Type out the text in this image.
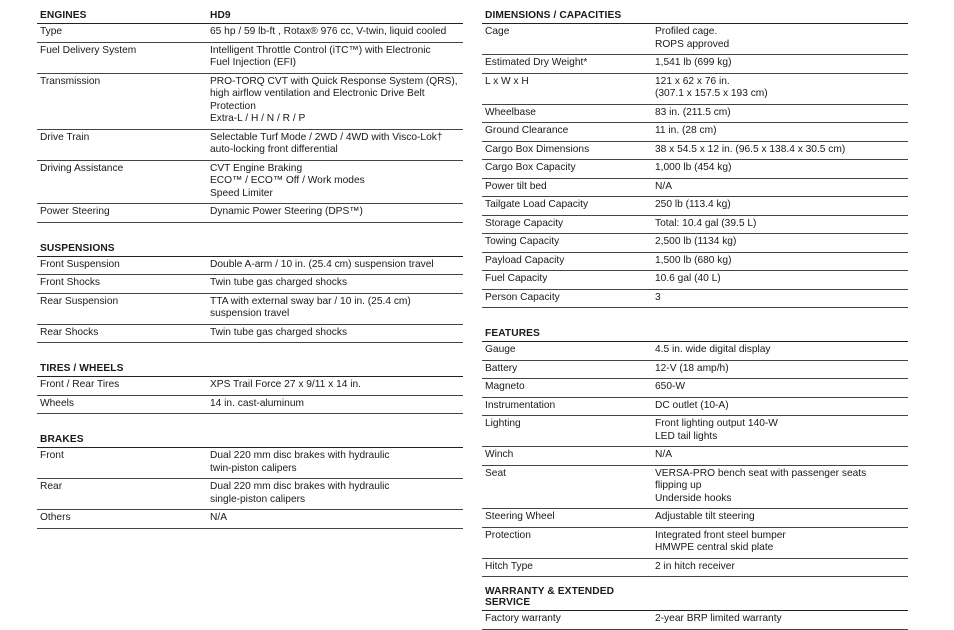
ENGINES	HD9
Type	65 hp / 59 lb-ft , Rotax® 976 cc, V-twin, liquid cooled
Fuel Delivery System	Intelligent Throttle Control (iTC™) with Electronic
Fuel Injection (EFI)
Transmission	PRO-TORQ CVT with Quick Response System (QRS),
high airflow ventilation and Electronic Drive Belt
Protection
Extra-L / H / N / R / P
Drive Train	Selectable Turf Mode / 2WD / 4WD with Visco-Lok†
auto-locking front differential
Driving Assistance	CVT Engine Braking
ECO™ / ECO™ Off / Work modes
Speed Limiter
Power Steering	Dynamic Power Steering (DPS™)
SUSPENSIONS
Front Suspension	Double A-arm / 10 in. (25.4 cm) suspension travel
Front Shocks	Twin tube gas charged shocks
Rear Suspension	TTA with external sway bar / 10 in. (25.4 cm)
suspension travel
Rear Shocks	Twin tube gas charged shocks
TIRES / WHEELS
Front / Rear Tires	XPS Trail Force 27 x 9/11 x 14 in.
Wheels	14 in. cast-aluminum
BRAKES
Front	Dual 220 mm disc brakes with hydraulic
twin-piston calipers
Rear	Dual 220 mm disc brakes with hydraulic
single-piston calipers
Others	N/A
DIMENSIONS / CAPACITIES
Cage	Profiled cage.
ROPS approved
Estimated Dry Weight*	1,541 lb (699 kg)
L x W x H	121 x 62 x 76 in.
(307.1 x 157.5 x 193 cm)
Wheelbase	83 in. (211.5 cm)
Ground Clearance	11 in. (28 cm)
Cargo Box Dimensions	38 x 54.5 x 12 in. (96.5 x 138.4 x 30.5 cm)
Cargo Box Capacity	1,000 lb (454 kg)
Power tilt bed	N/A
Tailgate Load Capacity	250 lb (113.4 kg)
Storage Capacity	Total: 10.4 gal (39.5 L)
Towing Capacity	2,500 lb (1134 kg)
Payload Capacity	1,500 lb (680 kg)
Fuel Capacity	10.6 gal (40 L)
Person Capacity	3
FEATURES
Gauge	4.5 in. wide digital display
Battery	12-V (18 amp/h)
Magneto	650-W
Instrumentation	DC outlet (10-A)
Lighting	Front lighting output 140-W
LED tail lights
Winch	N/A
Seat	VERSA-PRO bench seat with passenger seats
flipping up
Underside hooks
Steering Wheel	Adjustable tilt steering
Protection	Integrated front steel bumper
HMWPE central skid plate
Hitch Type	2 in hitch receiver
WARRANTY & EXTENDED SERVICE
Factory warranty	2-year BRP limited warranty
